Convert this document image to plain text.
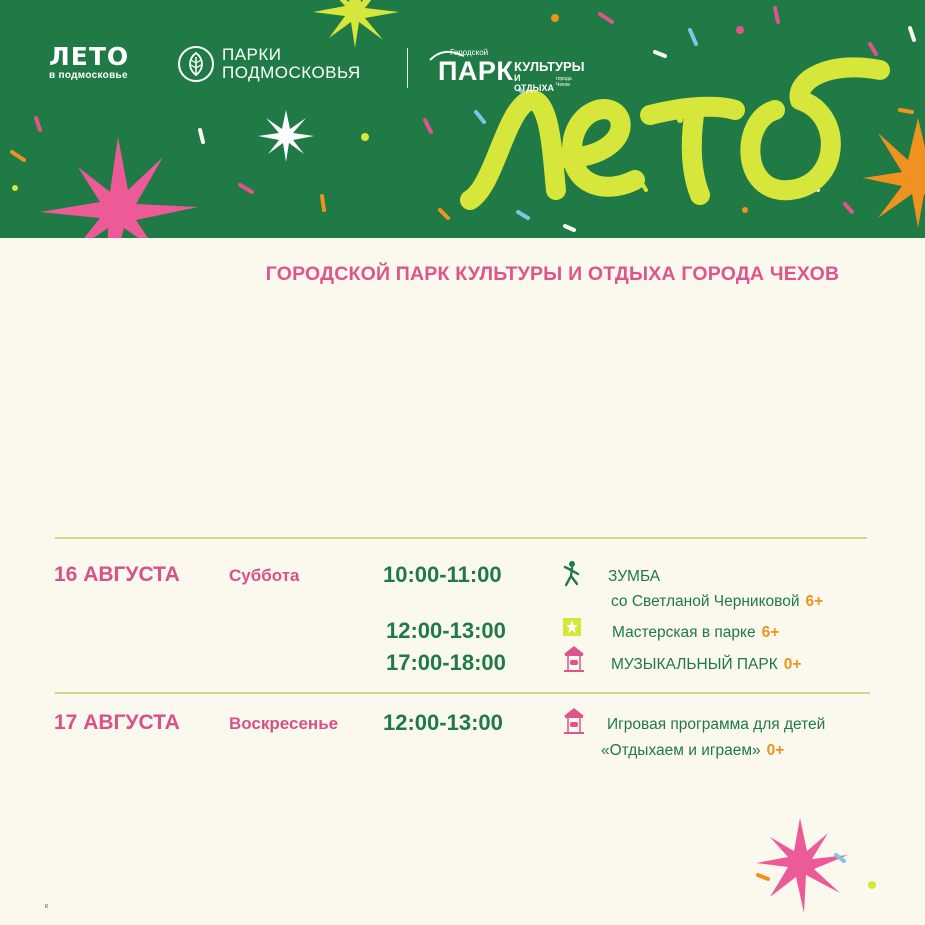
ЛЕТО
в подмосковье
ПАРКИ
ПОДМОСКОВЬЯ
Городской
ПАРК КУЛЬТУРЫ
И ОТДЫХА
города Чехов
ГОРОДСКОЙ ПАРК КУЛЬТУРЫ И ОТДЫХА ГОРОДА ЧЕХОВ
16 АВГУСТА	Суббота	10:00-11:00	ЗУМБА
со Светланой Черниковой 6+
12:00-13:00	Мастерская в парке 6+
17:00-18:00	МУЗЫКАЛЬНЫЙ ПАРК 0+
17 АВГУСТА	Воскресенье 12:00-13:00	Игровая программа для детей
«Отдыхаем и играем» 0+
к
